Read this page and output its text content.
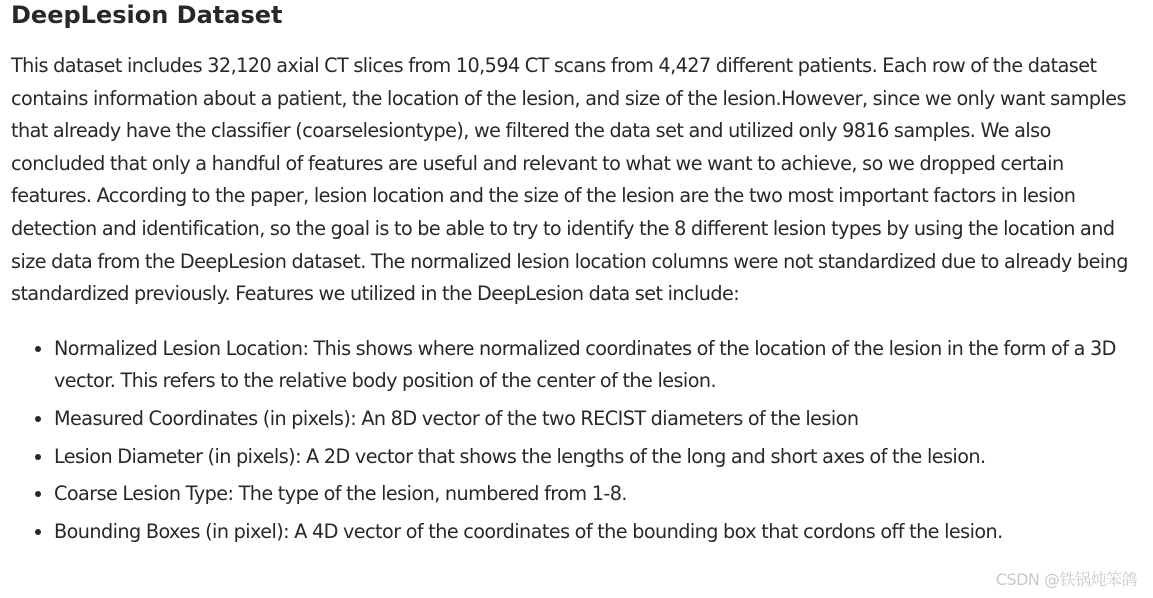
DeepLesion Dataset

This dataset includes 32,120 axial CT slices from 10,594 CT scans from 4,427 different patients. Each row of the dataset contains information about a patient, the location of the lesion, and size of the lesion.However, since we only want samples that already have the classifier (coarselesiontype), we filtered the data set and utilized only 9816 samples. We also concluded that only a handful of features are useful and relevant to what we want to achieve, so we dropped certain features. According to the paper, lesion location and the size of the lesion are the two most important factors in lesion detection and identification, so the goal is to be able to try to identify the 8 different lesion types by using the location and size data from the DeepLesion dataset. The normalized lesion location columns were not standardized due to already being standardized previously. Features we utilized in the DeepLesion data set include:

• Normalized Lesion Location: This shows where normalized coordinates of the location of the lesion in the form of a 3D vector. This refers to the relative body position of the center of the lesion.
• Measured Coordinates (in pixels): An 8D vector of the two RECIST diameters of the lesion
• Lesion Diameter (in pixels): A 2D vector that shows the lengths of the long and short axes of the lesion.
• Coarse Lesion Type: The type of the lesion, numbered from 1-8.
• Bounding Boxes (in pixel): A 4D vector of the coordinates of the bounding box that cordons off the lesion.
CSDN @铁锅炖笨鸽
